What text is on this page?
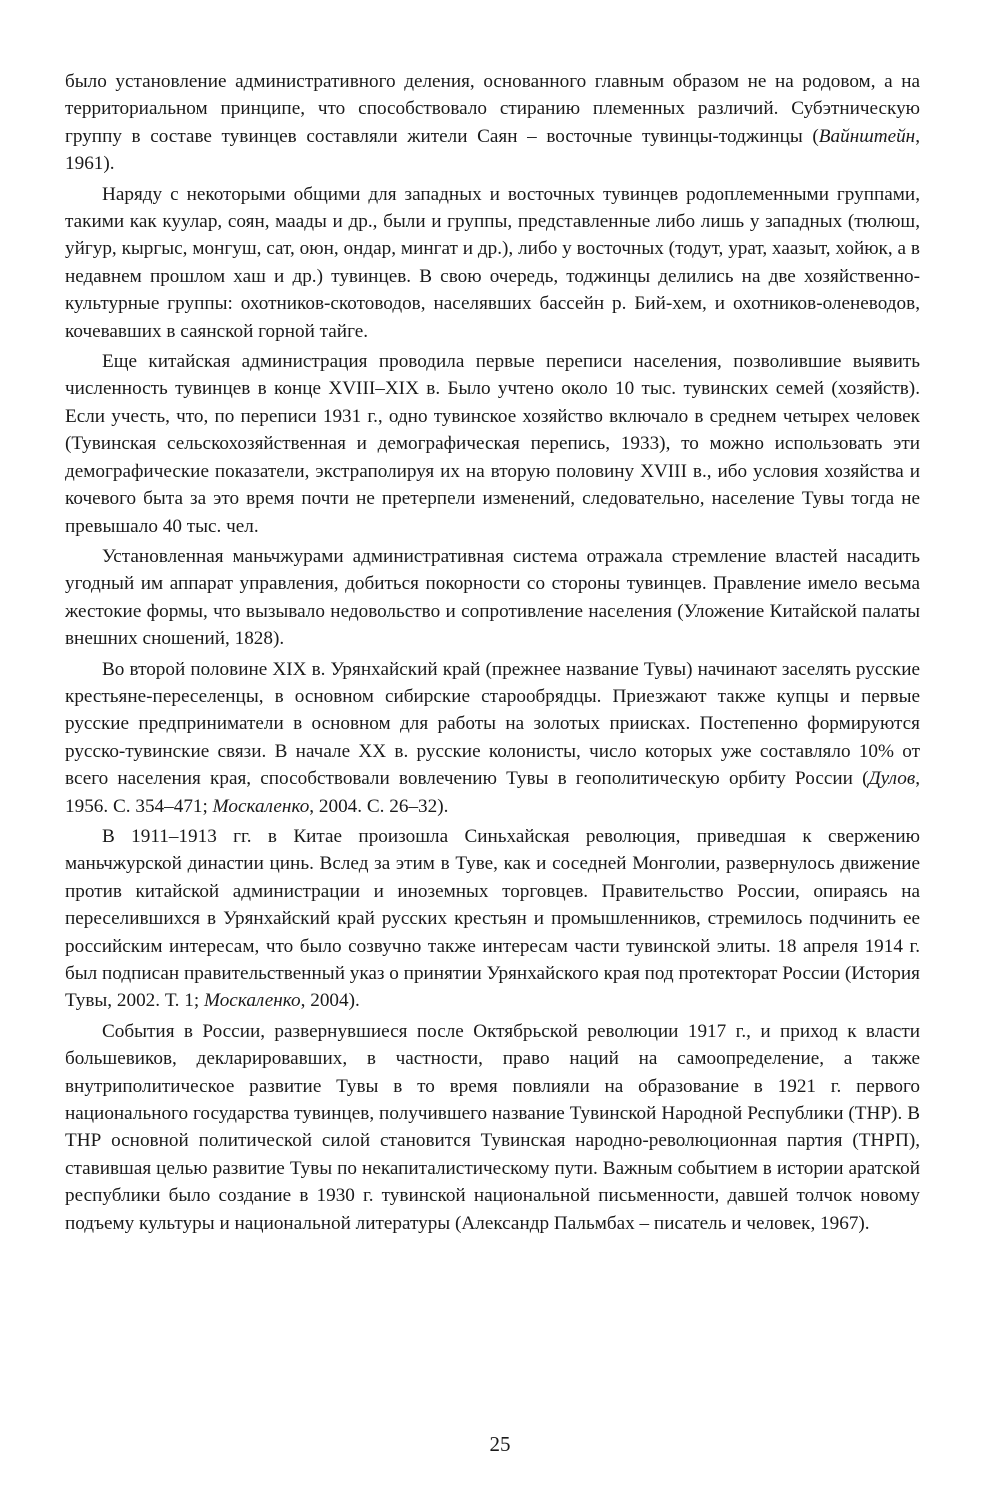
было установление административного деления, основанного главным образом не на родовом, а на территориальном принципе, что способствовало стиранию племенных различий. Субэтническую группу в составе тувинцев составляли жители Саян – восточные тувинцы-тоджинцы (Вайнштейн, 1961).

Наряду с некоторыми общими для западных и восточных тувинцев родоплеменными группами, такими как куулар, соян, маады и др., были и группы, представленные либо лишь у западных (тюлюш, уйгур, кыргыс, монгуш, сат, оюн, ондар, мингат и др.), либо у восточных (тодут, урат, хаазыт, хойюк, а в недавнем прошлом хаш и др.) тувинцев. В свою очередь, тоджинцы делились на две хозяйственно-культурные группы: охотников-скотоводов, населявших бассейн р. Бий-хем, и охотников-оленеводов, кочевавших в саянской горной тайге.

Еще китайская администрация проводила первые переписи населения, позволившие выявить численность тувинцев в конце XVIII–XIX в. Было учтено около 10 тыс. тувинских семей (хозяйств). Если учесть, что, по переписи 1931 г., одно тувинское хозяйство включало в среднем четырех человек (Тувинская сельскохозяйственная и демографическая перепись, 1933), то можно использовать эти демографические показатели, экстраполируя их на вторую половину XVIII в., ибо условия хозяйства и кочевого быта за это время почти не претерпели изменений, следовательно, население Тувы тогда не превышало 40 тыс. чел.

Установленная маньчжурами административная система отражала стремление властей насадить угодный им аппарат управления, добиться покорности со стороны тувинцев. Правление имело весьма жестокие формы, что вызывало недовольство и сопротивление населения (Уложение Китайской палаты внешних сношений, 1828).

Во второй половине XIX в. Урянхайский край (прежнее название Тувы) начинают заселять русские крестьяне-переселенцы, в основном сибирские старообрядцы. Приезжают также купцы и первые русские предприниматели в основном для работы на золотых приисках. Постепенно формируются русско-тувинские связи. В начале XX в. русские колонисты, число которых уже составляло 10% от всего населения края, способствовали вовлечению Тувы в геополитическую орбиту России (Дулов, 1956. С. 354–471; Москаленко, 2004. С. 26–32).

В 1911–1913 гг. в Китае произошла Синьхайская революция, приведшая к свержению маньчжурской династии цинь. Вслед за этим в Туве, как и соседней Монголии, развернулось движение против китайской администрации и иноземных торговцев. Правительство России, опираясь на переселившихся в Урянхайский край русских крестьян и промышленников, стремилось подчинить ее российским интересам, что было созвучно также интересам части тувинской элиты. 18 апреля 1914 г. был подписан правительственный указ о принятии Урянхайского края под протекторат России (История Тувы, 2002. Т. 1; Москаленко, 2004).

События в России, развернувшиеся после Октябрьской революции 1917 г., и приход к власти большевиков, декларировавших, в частности, право наций на самоопределение, а также внутриполитическое развитие Тувы в то время повлияли на образование в 1921 г. первого национального государства тувинцев, получившего название Тувинской Народной Республики (ТНР). В ТНР основной политической силой становится Тувинская народно-революционная партия (ТНРП), ставившая целью развитие Тувы по некапиталистическому пути. Важным событием в истории аратской республики было создание в 1930 г. тувинской национальной письменности, давшей толчок новому подъему культуры и национальной литературы (Александр Пальмбах – писатель и человек, 1967).

25
